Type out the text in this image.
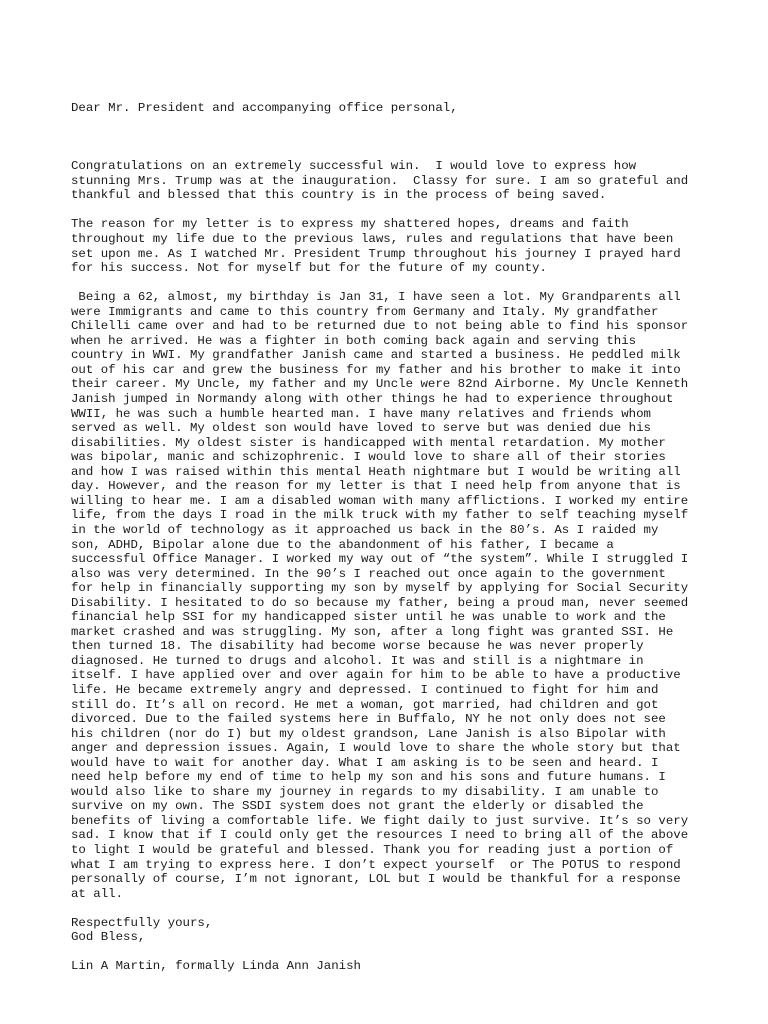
Dear Mr. President and accompanying office personal,

Congratulations on an extremely successful win.  I would love to express how
stunning Mrs. Trump was at the inauguration.  Classy for sure. I am so grateful and
thankful and blessed that this country is in the process of being saved.

The reason for my letter is to express my shattered hopes, dreams and faith
throughout my life due to the previous laws, rules and regulations that have been
set upon me. As I watched Mr. President Trump throughout his journey I prayed hard
for his success. Not for myself but for the future of my county.

Being a 62, almost, my birthday is Jan 31, I have seen a lot. My Grandparents all
were Immigrants and came to this country from Germany and Italy. My grandfather
Chilelli came over and had to be returned due to not being able to find his sponsor
when he arrived. He was a fighter in both coming back again and serving this
country in WWI. My grandfather Janish came and started a business. He peddled milk
out of his car and grew the business for my father and his brother to make it into
their career. My Uncle, my father and my Uncle were 82nd Airborne. My Uncle Kenneth
Janish jumped in Normandy along with other things he had to experience throughout
WWII, he was such a humble hearted man. I have many relatives and friends whom
served as well. My oldest son would have loved to serve but was denied due his
disabilities. My oldest sister is handicapped with mental retardation. My mother
was bipolar, manic and schizophrenic. I would love to share all of their stories
and how I was raised within this mental Heath nightmare but I would be writing all
day. However, and the reason for my letter is that I need help from anyone that is
willing to hear me. I am a disabled woman with many afflictions. I worked my entire
life, from the days I road in the milk truck with my father to self teaching myself
in the world of technology as it approached us back in the 80’s. As I raided my
son, ADHD, Bipolar alone due to the abandonment of his father, I became a
successful Office Manager. I worked my way out of “the system”. While I struggled I
also was very determined. In the 90’s I reached out once again to the government
for help in financially supporting my son by myself by applying for Social Security
Disability. I hesitated to do so because my father, being a proud man, never seemed
financial help SSI for my handicapped sister until he was unable to work and the
market crashed and was struggling. My son, after a long fight was granted SSI. He
then turned 18. The disability had become worse because he was never properly
diagnosed. He turned to drugs and alcohol. It was and still is a nightmare in
itself. I have applied over and over again for him to be able to have a productive
life. He became extremely angry and depressed. I continued to fight for him and
still do. It’s all on record. He met a woman, got married, had children and got
divorced. Due to the failed systems here in Buffalo, NY he not only does not see
his children (nor do I) but my oldest grandson, Lane Janish is also Bipolar with
anger and depression issues. Again, I would love to share the whole story but that
would have to wait for another day. What I am asking is to be seen and heard. I
need help before my end of time to help my son and his sons and future humans. I
would also like to share my journey in regards to my disability. I am unable to
survive on my own. The SSDI system does not grant the elderly or disabled the
benefits of living a comfortable life. We fight daily to just survive. It’s so very
sad. I know that if I could only get the resources I need to bring all of the above
to light I would be grateful and blessed. Thank you for reading just a portion of
what I am trying to express here. I don’t expect yourself  or The POTUS to respond
personally of course, I’m not ignorant, LOL but I would be thankful for a response
at all.

Respectfully yours,
God Bless,
Lin A Martin, formally Linda Ann Janish
